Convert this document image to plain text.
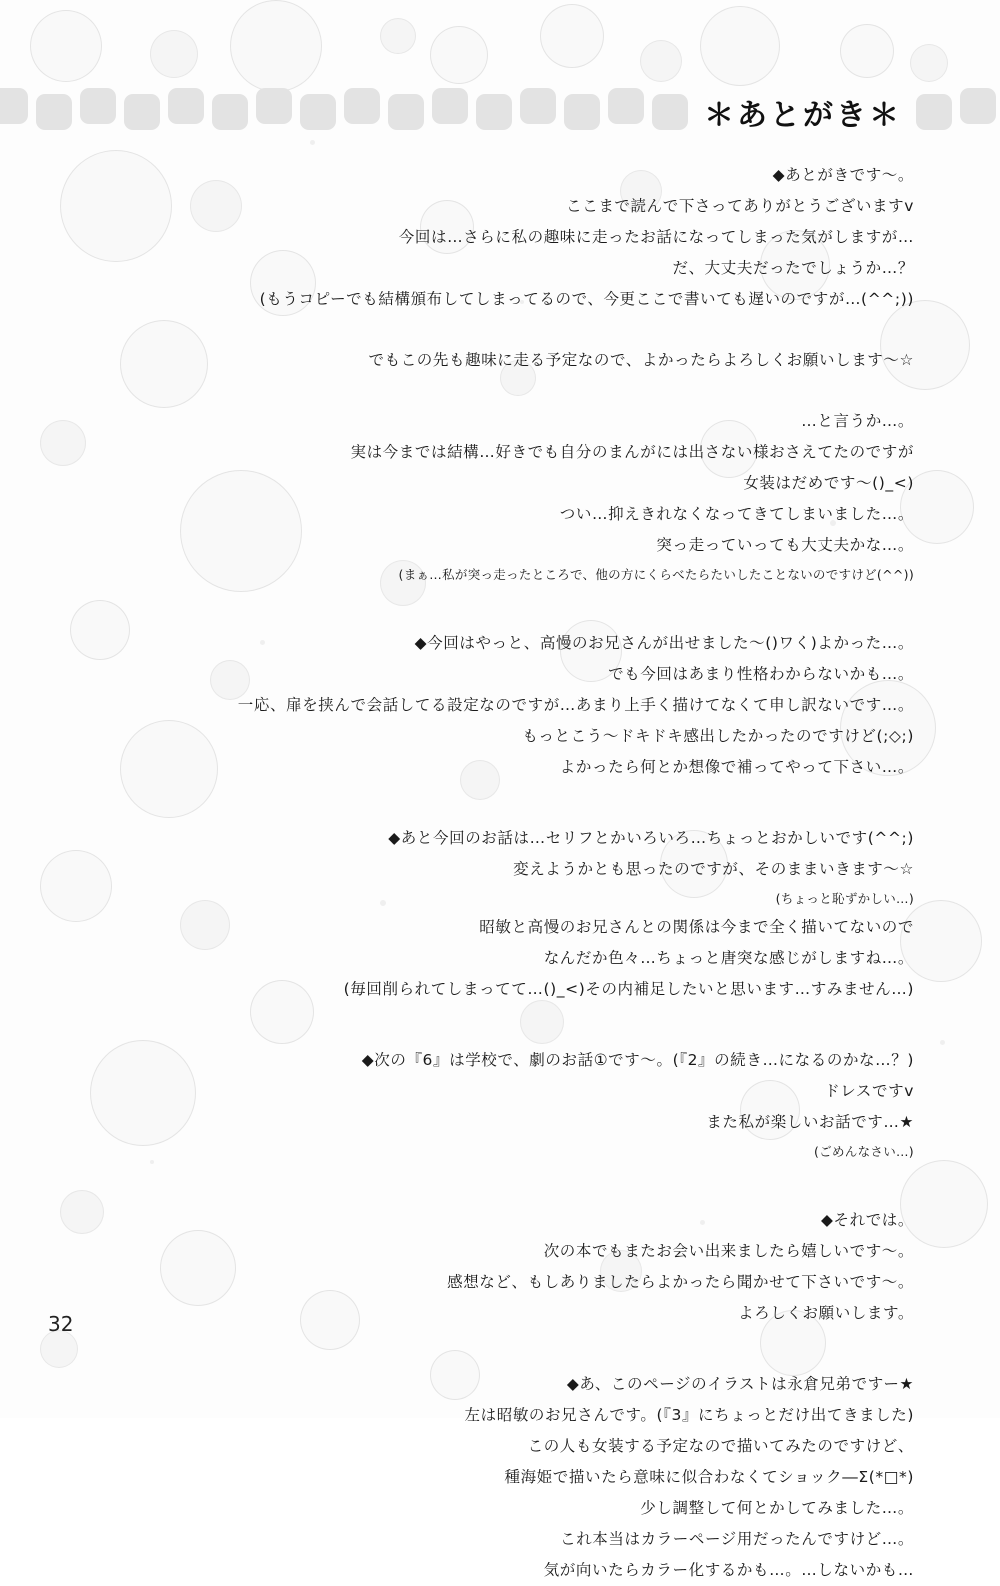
＊あとがき＊
◆あとがきです～。
ここまで読んで下さってありがとうございますv
今回は…さらに私の趣味に走ったお話になってしまった気がしますが…
だ、大丈夫だったでしょうか…？
(もうコピーでも結構頒布してしまってるので、今更ここで書いても遅いのですが…(^^;))
でもこの先も趣味に走る予定なので、よかったらよろしくお願いします～☆
…と言うか…。
実は今までは結構…好きでも自分のまんがには出さない様おさえてたのですが
女装はだめです～()_<)
つい…抑えきれなくなってきてしまいました…。
突っ走っていっても大丈夫かな…。
(まぁ…私が突っ走ったところで、他の方にくらべたらたいしたことないのですけど(^^))
◆今回はやっと、高慢のお兄さんが出せました～()ワく)よかった…。
でも今回はあまり性格わからないかも…。
一応、扉を挟んで会話してる設定なのですが…あまり上手く描けてなくて申し訳ないです…。
もっとこう～ドキドキ感出したかったのですけど(;◇;)
よかったら何とか想像で補ってやって下さい…。
◆あと今回のお話は…セリフとかいろいろ…ちょっとおかしいです(^^;)
変えようかとも思ったのですが、そのままいきます～☆
(ちょっと恥ずかしい…)
昭敏と高慢のお兄さんとの関係は今まで全く描いてないので
なんだか色々…ちょっと唐突な感じがしますね…。
(毎回削られてしまってて…()_<)その内補足したいと思います…すみません…)
◆次の『6』は学校で、劇のお話①です～。(『2』の続き…になるのかな…？)
ドレスですv
また私が楽しいお話です…★
(ごめんなさい…)
◆それでは。
次の本でもまたお会い出来ましたら嬉しいです～。
感想など、もしありましたらよかったら聞かせて下さいです～。
よろしくお願いします。
◆あ、このページのイラストは永倉兄弟ですー★
左は昭敏のお兄さんです。(『3』にちょっとだけ出てきました)
この人も女装する予定なので描いてみたのですけど、
種海姫で描いたら意味に似合わなくてショック―Σ(*□*)
少し調整して何とかしてみました…。
これ本当はカラーページ用だったんですけど…。
気が向いたらカラー化するかも…。…しないかも…
32
